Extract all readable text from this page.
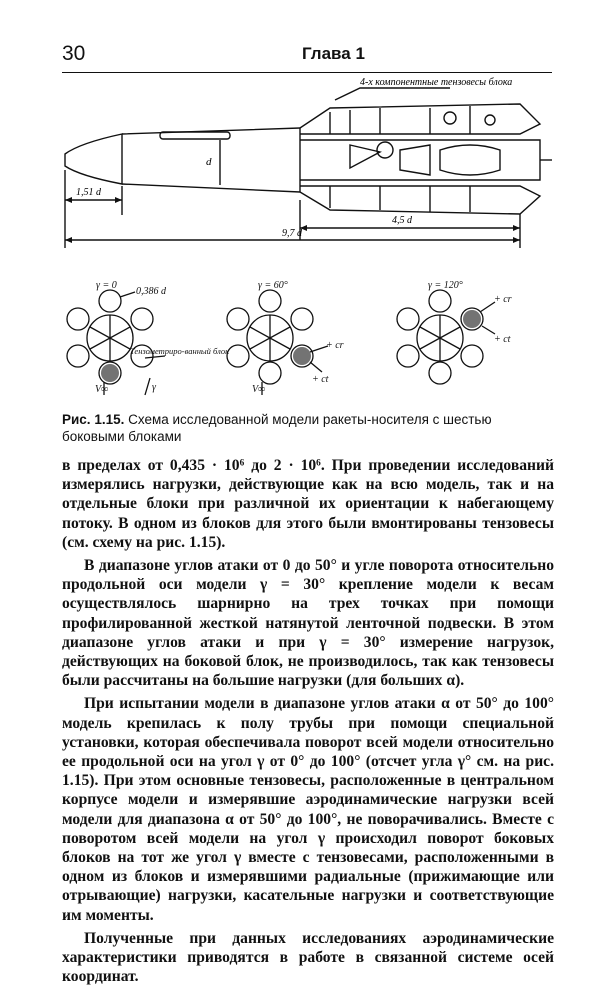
30	Глава 1
4-х компонентные тензовесы блока
d
1,51 d
4,5 d
9,7 d
γ = 0
0,386 d
Тензометриро-ванный блок
V∞	γ
γ = 60°
+ cr
+ ct
V∞
γ = 120°
+ cr
+ ct
Рис. 1.15. Схема исследованной модели ракеты-носителя с шестью боковыми блоками

в пределах от 0,435 · 10⁶ до 2 · 10⁶. При проведении исследований измерялись нагрузки, действующие как на всю модель, так и на отдельные блоки при различной их ориентации к набегающему потоку. В одном из блоков для этого были вмонтированы тензовесы (см. схему на рис. 1.15).

В диапазоне углов атаки от 0 до 50° и угле поворота относительно продольной оси модели γ = 30° крепление модели к весам осуществлялось шарнирно на трех точках при помощи профилированной жесткой натянутой ленточной подвески. В этом диапазоне углов атаки и при γ = 30° измерение нагрузок, действующих на боковой блок, не производилось, так как тензовесы были рассчитаны на большие нагрузки (для больших α).

При испытании модели в диапазоне углов атаки α от 50° до 100° модель крепилась к полу трубы при помощи специальной установки, которая обеспечивала поворот всей модели относительно ее продольной оси на угол γ от 0° до 100° (отсчет угла γ° см. на рис. 1.15). При этом основные тензовесы, расположенные в центральном корпусе модели и измерявшие аэродинамические нагрузки всей модели для диапазона α от 50° до 100°, не поворачивались. Вместе с поворотом всей модели на угол γ происходил поворот боковых блоков на тот же угол γ вместе с тензовесами, расположенными в одном из блоков и измерявшими радиальные (прижимающие или отрывающие) нагрузки, касательные нагрузки и соответствующие им моменты.

Полученные при данных исследованиях аэродинамические характеристики приводятся в работе в связанной системе осей координат.
